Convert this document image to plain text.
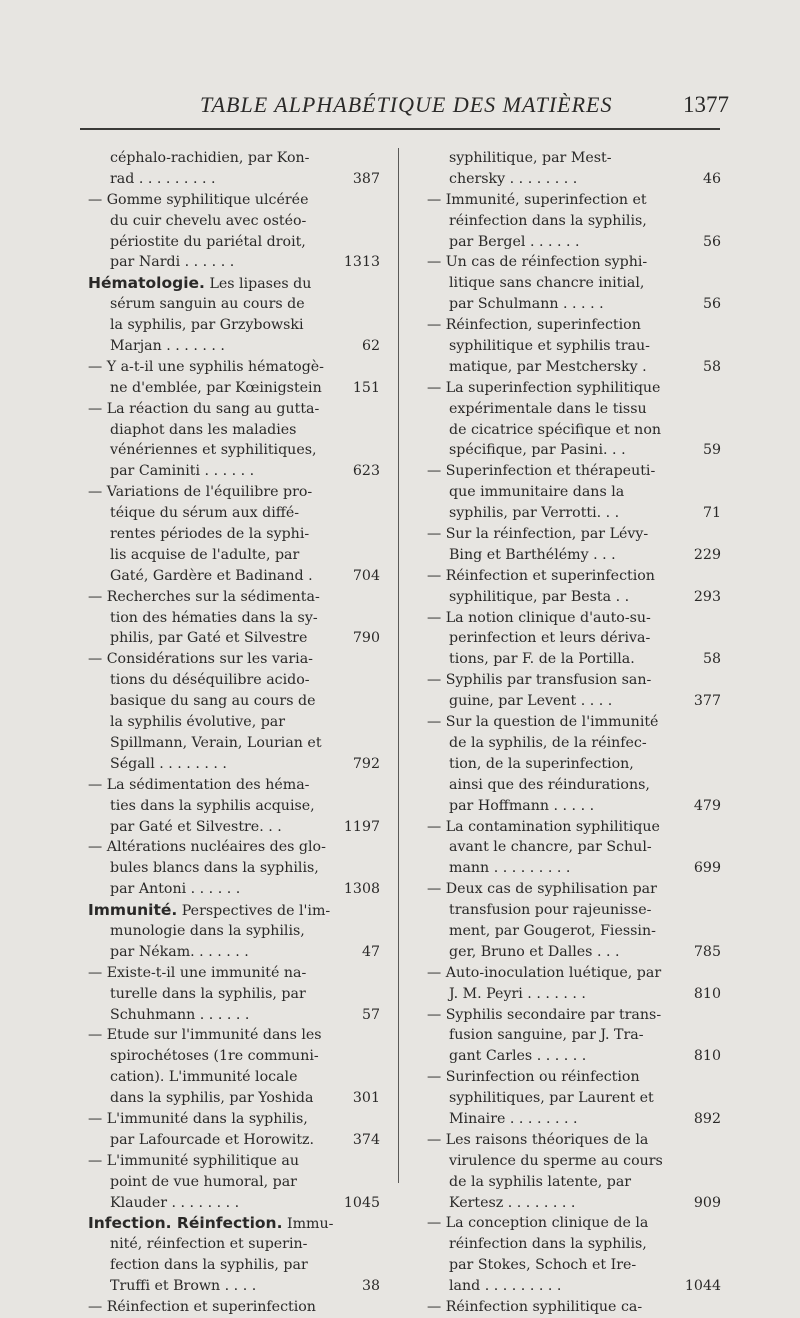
TABLE ALPHABÉTIQUE DES MATIÈRES	1377
céphalo-rachidien, par Kon-
rad . . . . . . . . .	387
— Gomme syphilitique ulcérée
du cuir chevelu avec ostéo-
périostite du pariétal droit,
par Nardi . . . . . .	1313
Hématologie. Les lipases du
sérum sanguin au cours de
la syphilis, par Grzybowski
Marjan . . . . . . .	62
— Y a-t-il une syphilis hématogè-
ne d'emblée, par Kœinigstein 151
— La réaction du sang au gutta-
diaphot dans les maladies
vénériennes et syphilitiques,
par Caminiti . . . . . .	623
— Variations de l'équilibre pro-
téique du sérum aux diffé-
rentes périodes de la syphi-
lis acquise de l'adulte, par
Gaté, Gardère et Badinand .	704
— Recherches sur la sédimenta-
tion des hématies dans la sy-
philis, par Gaté et Silvestre	790
— Considérations sur les varia-
tions du déséquilibre acido-
basique du sang au cours de
la syphilis évolutive, par
Spillmann, Verain, Lourian et
Ségall . . . . . . . .	792
— La sédimentation des héma-
ties dans la syphilis acquise,
par Gaté et Silvestre. . .	1197
— Altérations nucléaires des glo-
bules blancs dans la syphilis,
par Antoni . . . . . .	1308
Immunité. Perspectives de l'im-
munologie dans la syphilis,
par Nékam. . . . . . .	47
— Existe-t-il une immunité na-
turelle dans la syphilis, par
Schuhmann . . . . . .	57
— Etude sur l'immunité dans les
spirochétoses (1re communi-
cation). L'immunité locale
dans la syphilis, par Yoshida	301
— L'immunité dans la syphilis,
par Lafourcade et Horowitz.	374
— L'immunité syphilitique au
point de vue humoral, par
Klauder . . . . . . . .	1045
Infection. Réinfection. Immu-
nité, réinfection et superin-
fection dans la syphilis, par
Truffi et Brown . . . .	38
— Réinfection et superinfection
syphilitique, par Mest-
chersky . . . . . . . .	46
— Immunité, superinfection et
réinfection dans la syphilis,
par Bergel . . . . . .	56
— Un cas de réinfection syphi-
litique sans chancre initial,
par Schulmann . . . . .	56
— Réinfection, superinfection
syphilitique et syphilis trau-
matique, par Mestchersky .	58
— La superinfection syphilitique
expérimentale dans le tissu
de cicatrice spécifique et non
spécifique, par Pasini. . .	59
— Superinfection et thérapeuti-
que immunitaire dans la
syphilis, par Verrotti. . .	71
— Sur la réinfection, par Lévy-
Bing et Barthélémy . . .	229
— Réinfection et superinfection
syphilitique, par Besta . .	293
— La notion clinique d'auto-su-
perinfection et leurs dériva-
tions, par F. de la Portilla.	58
— Syphilis par transfusion san-
guine, par Levent . . . .	377
— Sur la question de l'immunité
de la syphilis, de la réinfec-
tion, de la superinfection,
ainsi que des réindurations,
par Hoffmann . . . . .	479
— La contamination syphilitique
avant le chancre, par Schul-
mann . . . . . . . . .	699
— Deux cas de syphilisation par
transfusion pour rajeunisse-
ment, par Gougerot, Fiessin-
ger, Bruno et Dalles . . .	785
— Auto-inoculation luétique, par
J. M. Peyri . . . . . . .	810
— Syphilis secondaire par trans-
fusion sanguine, par J. Tra-
gant Carles . . . . . .	810
— Surinfection ou réinfection
syphilitiques, par Laurent et
Minaire . . . . . . . .	892
— Les raisons théoriques de la
virulence du sperme au cours
de la syphilis latente, par
Kertesz . . . . . . . .	909
— La conception clinique de la
réinfection dans la syphilis,
par Stokes, Schoch et Ire-
land . . . . . . . . .	1044
— Réinfection syphilitique ca-
